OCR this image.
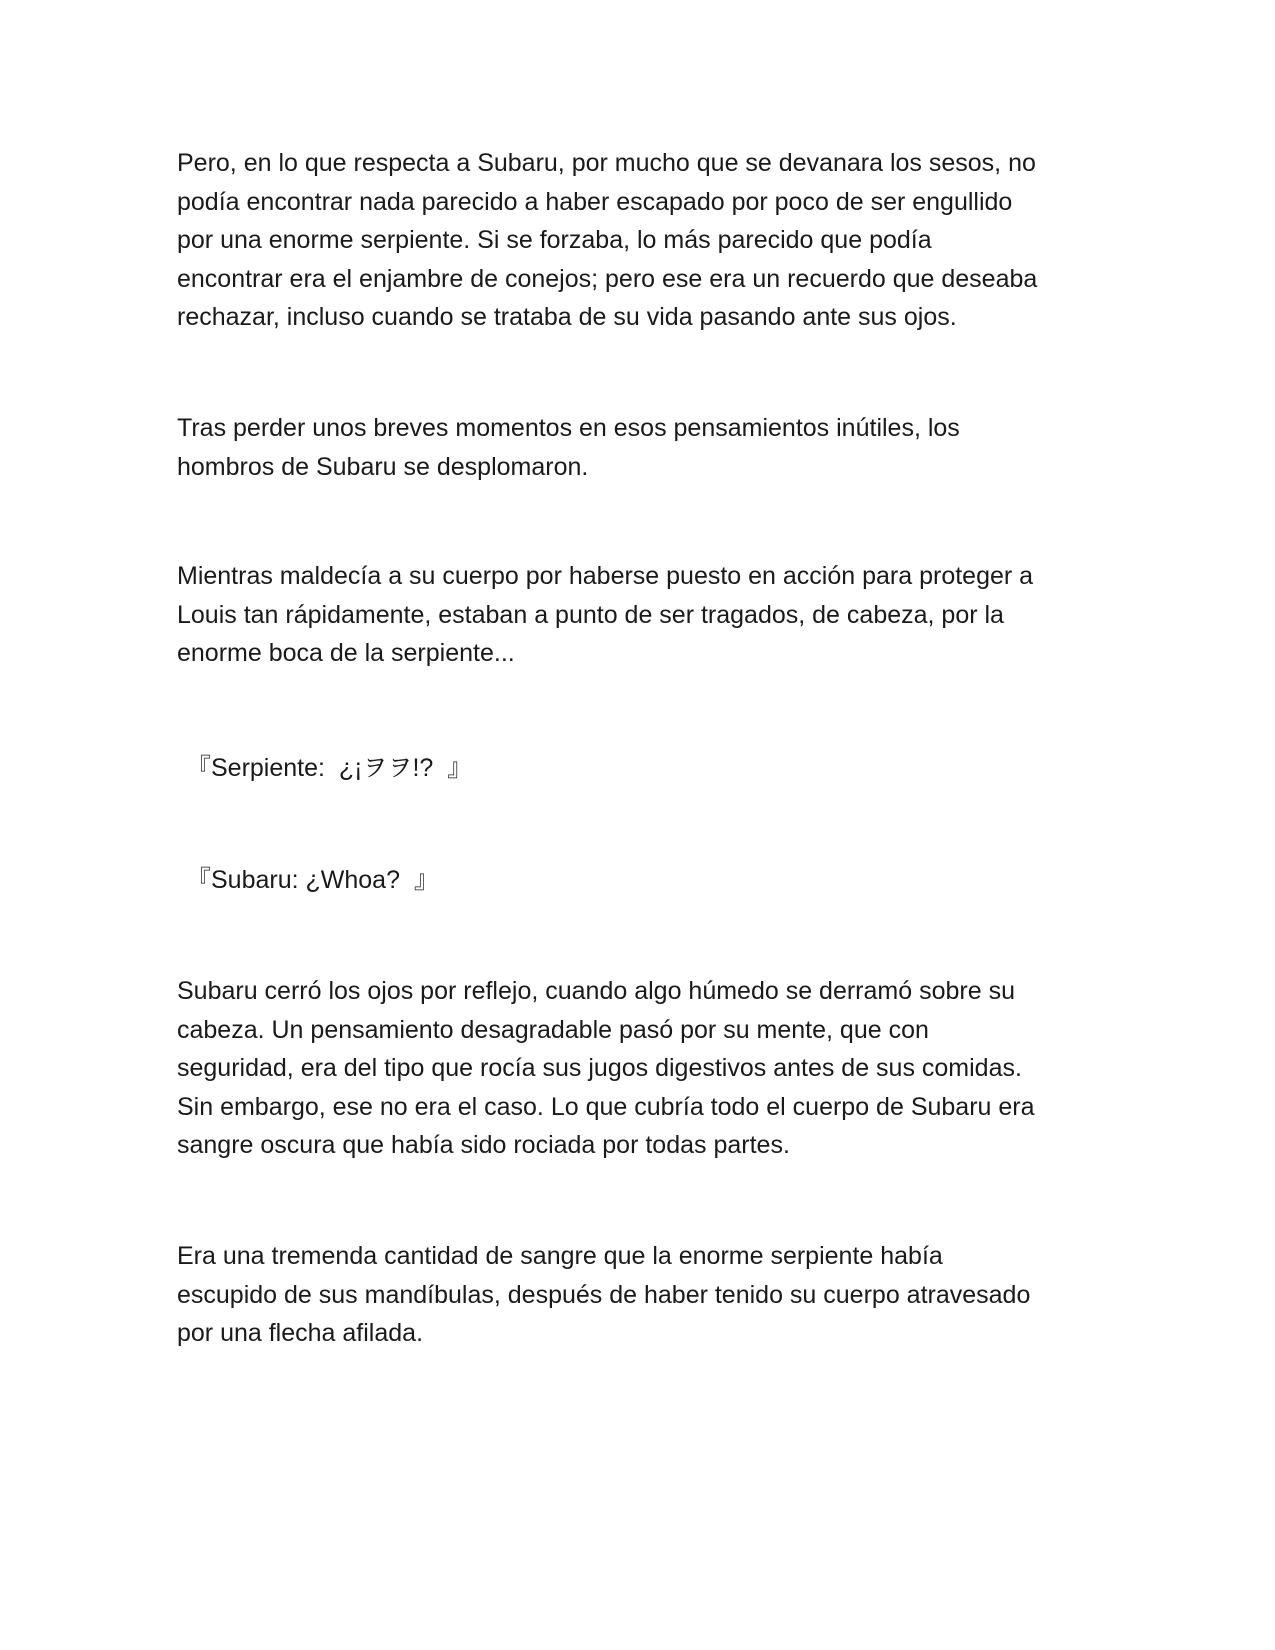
Pero, en lo que respecta a Subaru, por mucho que se devanara los sesos, no
podía encontrar nada parecido a haber escapado por poco de ser engullido
por una enorme serpiente. Si se forzaba, lo más parecido que podía
encontrar era el enjambre de conejos; pero ese era un recuerdo que deseaba
rechazar, incluso cuando se trataba de su vida pasando ante sus ojos.

Tras perder unos breves momentos en esos pensamientos inútiles, los
hombros de Subaru se desplomaron.

Mientras maldecía a su cuerpo por haberse puesto en acción para proteger a
Louis tan rápidamente, estaban a punto de ser tragados, de cabeza, por la
enorme boca de la serpiente...

『Serpiente:  ¿¡ヲヲ!?  』

『Subaru: ¿Whoa?  』

Subaru cerró los ojos por reflejo, cuando algo húmedo se derramó sobre su
cabeza. Un pensamiento desagradable pasó por su mente, que con
seguridad, era del tipo que rocía sus jugos digestivos antes de sus comidas.
Sin embargo, ese no era el caso. Lo que cubría todo el cuerpo de Subaru era
sangre oscura que había sido rociada por todas partes.

Era una tremenda cantidad de sangre que la enorme serpiente había
escupido de sus mandíbulas, después de haber tenido su cuerpo atravesado
por una flecha afilada.
